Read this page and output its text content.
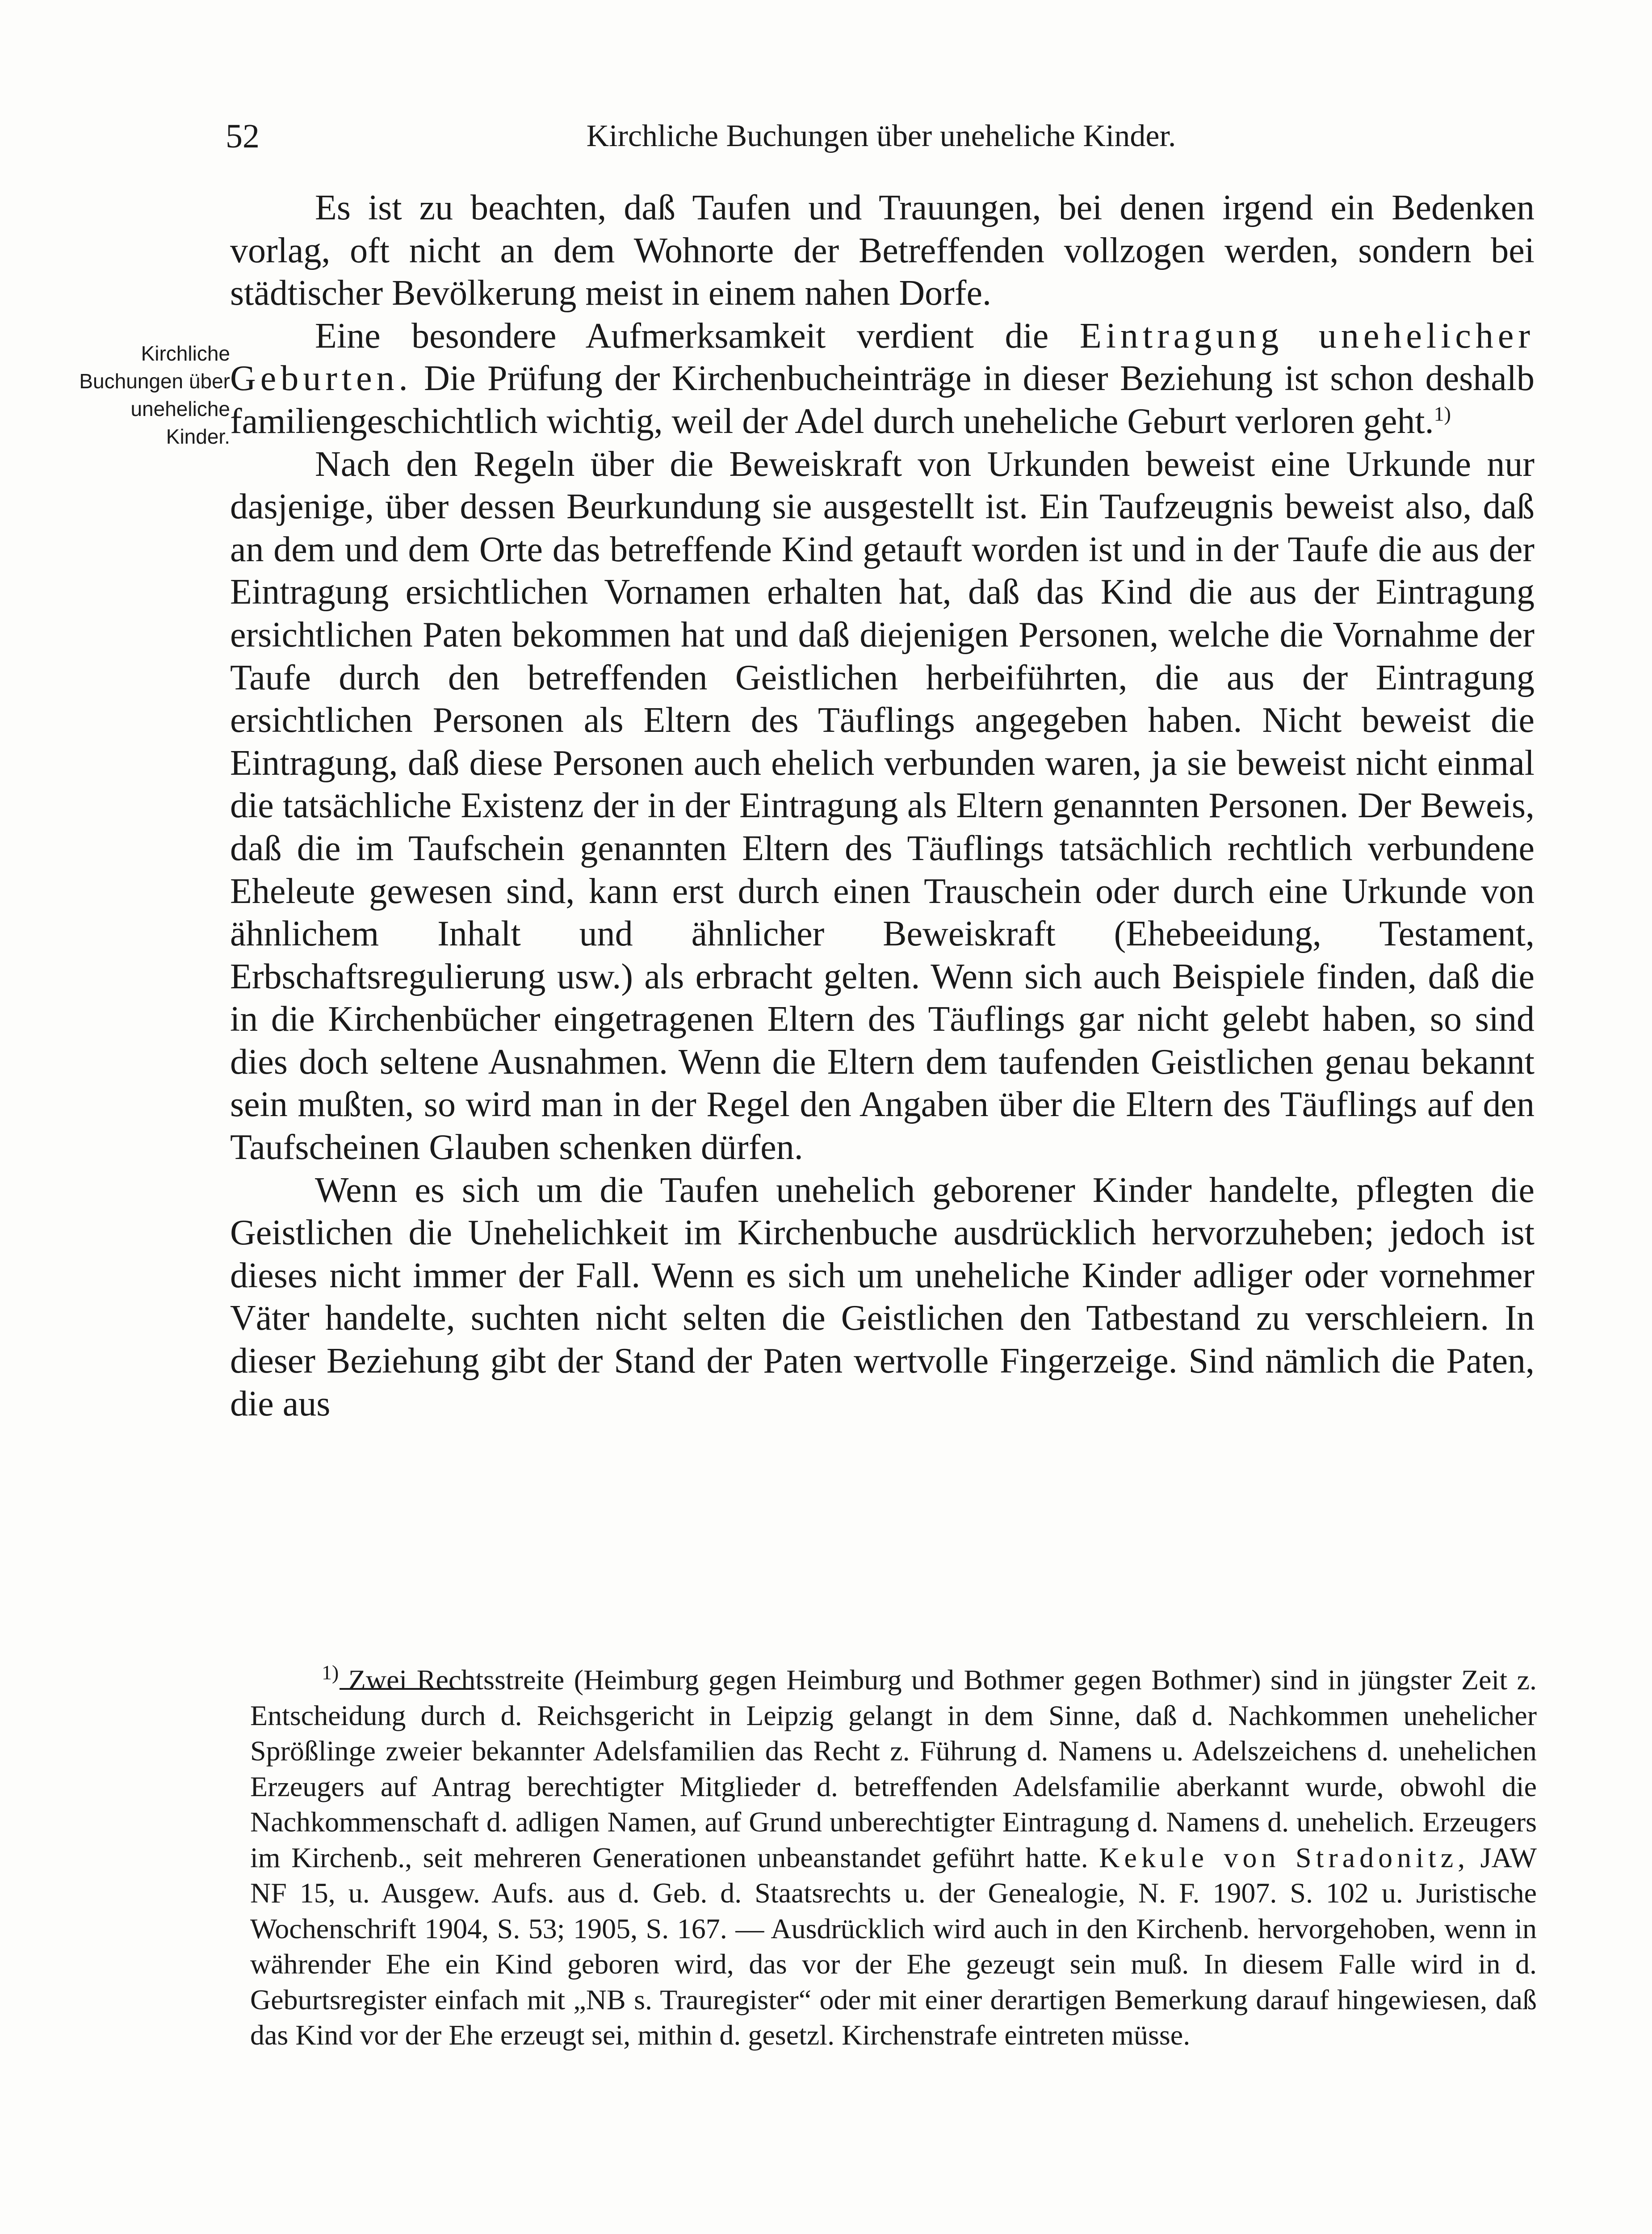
52	Kirchliche Buchungen über uneheliche Kinder.
Kirchliche
Buchungen über
uneheliche
Kinder.

Es ist zu beachten, daß Taufen und Trauungen, bei denen irgend ein Bedenken vorlag, oft nicht an dem Wohnorte der Betreffenden vollzogen werden, sondern bei städtischer Bevölkerung meist in einem nahen Dorfe.

Eine besondere Aufmerksamkeit verdient die Eintragung unehelicher Geburten. Die Prüfung der Kirchenbucheinträge in dieser Beziehung ist schon deshalb familiengeschichtlich wichtig, weil der Adel durch uneheliche Geburt verloren geht.$^{1)}$

Nach den Regeln über die Beweiskraft von Urkunden beweist eine Urkunde nur dasjenige, über dessen Beurkundung sie ausgestellt ist. Ein Taufzeugnis beweist also, daß an dem und dem Orte das betreffende Kind getauft worden ist und in der Taufe die aus der Eintragung ersichtlichen Vornamen erhalten hat, daß das Kind die aus der Eintragung ersichtlichen Paten bekommen hat und daß diejenigen Personen, welche die Vornahme der Taufe durch den betreffenden Geistlichen herbeiführten, die aus der Eintragung ersichtlichen Personen als Eltern des Täuflings angegeben haben. Nicht beweist die Eintragung, daß diese Personen auch ehelich verbunden waren, ja sie beweist nicht einmal die tatsächliche Existenz der in der Eintragung als Eltern genannten Personen. Der Beweis, daß die im Taufschein genannten Eltern des Täuflings tatsächlich rechtlich verbundene Eheleute gewesen sind, kann erst durch einen Trauschein oder durch eine Urkunde von ähnlichem Inhalt und ähnlicher Beweiskraft (Ehebeeidung, Testament, Erbschaftsregulierung usw.) als erbracht gelten. Wenn sich auch Beispiele finden, daß die in die Kirchenbücher eingetragenen Eltern des Täuflings gar nicht gelebt haben, so sind dies doch seltene Ausnahmen. Wenn die Eltern dem taufenden Geistlichen genau bekannt sein mußten, so wird man in der Regel den Angaben über die Eltern des Täuflings auf den Taufscheinen Glauben schenken dürfen.

Wenn es sich um die Taufen unehelich geborener Kinder handelte, pflegten die Geistlichen die Unehelichkeit im Kirchenbuche ausdrücklich hervorzuheben; jedoch ist dieses nicht immer der Fall. Wenn es sich um uneheliche Kinder adliger oder vornehmer Väter handelte, suchten nicht selten die Geistlichen den Tatbestand zu verschleiern. In dieser Beziehung gibt der Stand der Paten wertvolle Fingerzeige. Sind nämlich die Paten, die aus

$^{1)}$ Zwei Rechtsstreite (Heimburg gegen Heimburg und Bothmer gegen Bothmer) sind in jüngster Zeit z. Entscheidung durch d. Reichsgericht in Leipzig gelangt in dem Sinne, daß d. Nachkommen unehelicher Sprößlinge zweier bekannter Adelsfamilien das Recht z. Führung d. Namens u. Adelszeichens d. unehelichen Erzeugers auf Antrag berechtigter Mitglieder d. betreffenden Adelsfamilie aberkannt wurde, obwohl die Nachkommenschaft d. adligen Namen, auf Grund unberechtigter Eintragung d. Namens d. unehelich. Erzeugers im Kirchenb., seit mehreren Generationen unbeanstandet geführt hatte. Kekule von Stradonitz, JAW NF 15, u. Ausgew. Aufs. aus d. Geb. d. Staatsrechts u. der Genealogie, N. F. 1907. S. 102 u. Juristische Wochenschrift 1904, S. 53; 1905, S. 167. — Ausdrücklich wird auch in den Kirchenb. hervorgehoben, wenn in währender Ehe ein Kind geboren wird, das vor der Ehe gezeugt sein muß. In diesem Falle wird in d. Geburtsregister einfach mit „NB s. Trauregister“ oder mit einer derartigen Bemerkung darauf hingewiesen, daß das Kind vor der Ehe erzeugt sei, mithin d. gesetzl. Kirchenstrafe eintreten müsse.
